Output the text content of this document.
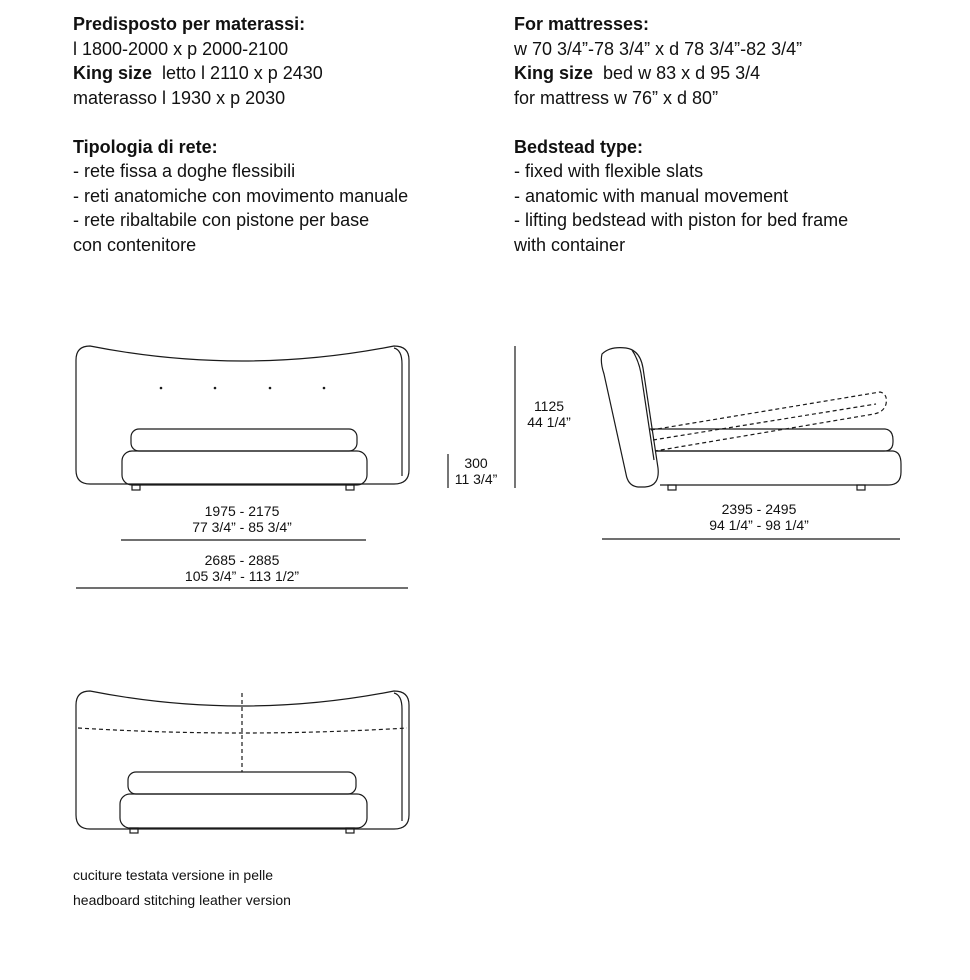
Predisposto per materassi:
l 1800-2000 x p 2000-2100
King size letto l 2110 x p 2430
materasso l 1930 x p 2030
Tipologia di rete:
- rete fissa a doghe flessibili
- reti anatomiche con movimento manuale
- rete ribaltabile con pistone per base
con contenitore
For mattresses:
w 70 3/4”-78 3/4” x d 78 3/4”-82 3/4”
King size bed w 83 x d 95 3/4
for mattress w 76” x d 80”
Bedstead type:
- fixed with flexible slats
- anatomic with manual movement
- lifting bedstead with piston for bed frame
with container
1975 - 2175
77 3/4” - 85 3/4”
2685 - 2885
105 3/4” - 113 1/2”
300
11 3/4”
1125
44 1/4”
2395 - 2495
94 1/4” - 98 1/4”
cuciture testata versione in pelle
headboard stitching leather version
